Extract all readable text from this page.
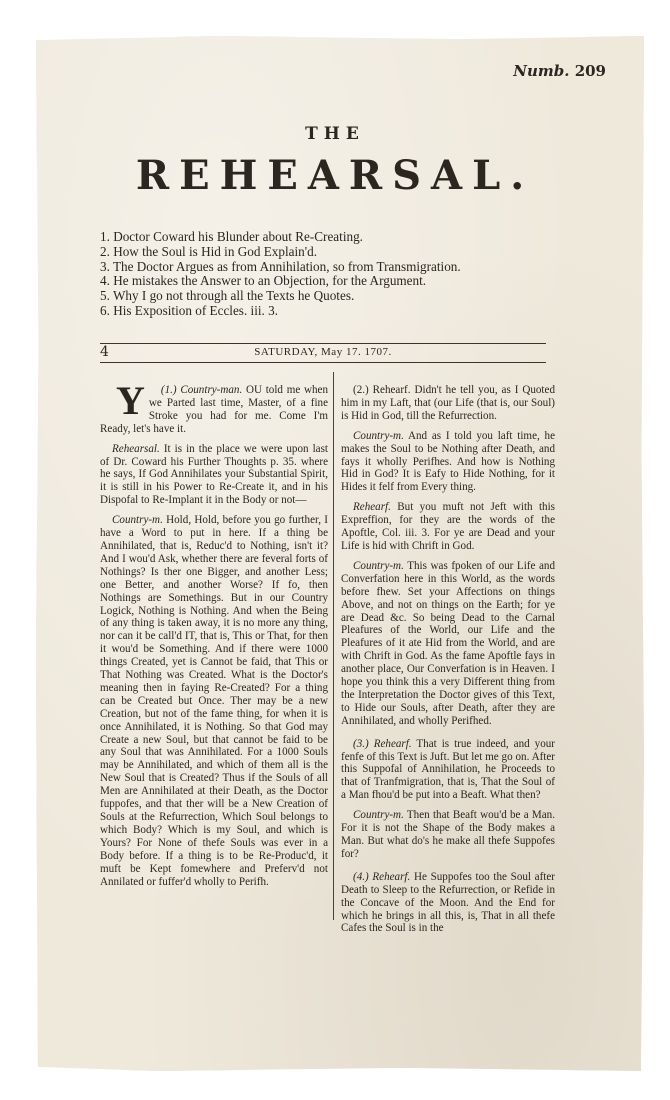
Numb. 209
THE
REHEARSAL.
1. Doctor Coward his Blunder about Re-Creating.
2. How the Soul is Hid in God Explain'd.
3. The Doctor Argues as from Annihilation, so from Transmigration.
4. He mistakes the Answer to an Objection, for the Argument.
5. Why I go not through all the Texts he Quotes.
6. His Exposition of Eccles. iii. 3.
4	SATURDAY, May 17. 1707.

(1.) Country-man.
Y	OU told me when we Parted last time, Master, of a fine Stroke you had for me. Come I'm Ready, let's have it.

Rehearsal. It is in the place we were upon last of Dr. Coward his Further Thoughts p. 35. where he says, If God Annihilates your Substantial Spirit, it is still in his Power to Re-Create it, and in his Dispofal to Re-Implant it in the Body or not—

Country-m. Hold, Hold, before you go further, I have a Word to put in here. If a thing be Annihilated, that is, Reduc'd to Nothing, isn't it? And I wou'd Ask, whether there are feveral forts of Nothings? Is ther one Bigger, and another Less; one Better, and another Worse? If fo, then Nothings are Somethings. But in our Country Logick, Nothing is Nothing. And when the Being of any thing is taken away, it is no more any thing, nor can it be call'd IT, that is, This or That, for then it wou'd be Something. And if there were 1000 things Created, yet is Cannot be faid, that This or That Nothing was Created. What is the Doctor's meaning then in faying Re-Created? For a thing can be Created but Once. Ther may be a new Creation, but not of the fame thing, for when it is once Annihilated, it is Nothing. So that God may Create a new Soul, but that cannot be faid to be any Soul that was Annihilated. For a 1000 Souls may be Annihilated, and which of them all is the New Soul that is Created? Thus if the Souls of all Men are Annihilated at their Death, as the Doctor fuppofes, and that ther will be a New Creation of Souls at the Refurrection, Which Soul belongs to which Body? Which is my Soul, and which is Yours? For None of thefe Souls was ever in a Body before. If a thing is to be Re-Produc'd, it muft be Kept fomewhere and Preferv'd not Annilated or fuffer'd wholly to Perifh.

(2.) Rehearf. Didn't he tell you, as I Quoted him in my Laft, that (our Life (that is, our Soul) is Hid in God, till the Refurrection.

Country-m. And as I told you laft time, he makes the Soul to be Nothing after Death, and fays it wholly Perifhes. And how is Nothing Hid in God? It is Eafy to Hide Nothing, for it Hides it felf from Every thing.

Rehearf. But you muft not Jeft with this Expreffion, for they are the words of the Apoftle, Col. iii. 3. For ye are Dead and your Life is hid with Chrift in God.

Country-m. This was fpoken of our Life and Converfation here in this World, as the words before fhew. Set your Affections on things Above, and not on things on the Earth; for ye are Dead &c. So being Dead to the Carnal Pleafures of the World, our Life and the Pleafures of it ate Hid from the World, and are with Chrift in God. As the fame Apoftle fays in another place, Our Converfation is in Heaven. I hope you think this a very Different thing from the Interpretation the Doctor gives of this Text, to Hide our Souls, after Death, after they are Annihilated, and wholly Perifhed.

(3.) Rehearf. That is true indeed, and your fenfe of this Text is Juft. But let me go on. After this Suppofal of Annihilation, he Proceeds to that of Tranfmigration, that is, That the Soul of a Man fhou'd be put into a Beaft. What then?

Country-m. Then that Beaft wou'd be a Man. For it is not the Shape of the Body makes a Man. But what do's he make all thefe Suppofes for?

(4.) Rehearf. He Suppofes too the Soul after Death to Sleep to the Refurrection, or Refide in the Concave of the Moon. And the End for which he brings in all this, is, That in all thefe Cafes the Soul is in the
